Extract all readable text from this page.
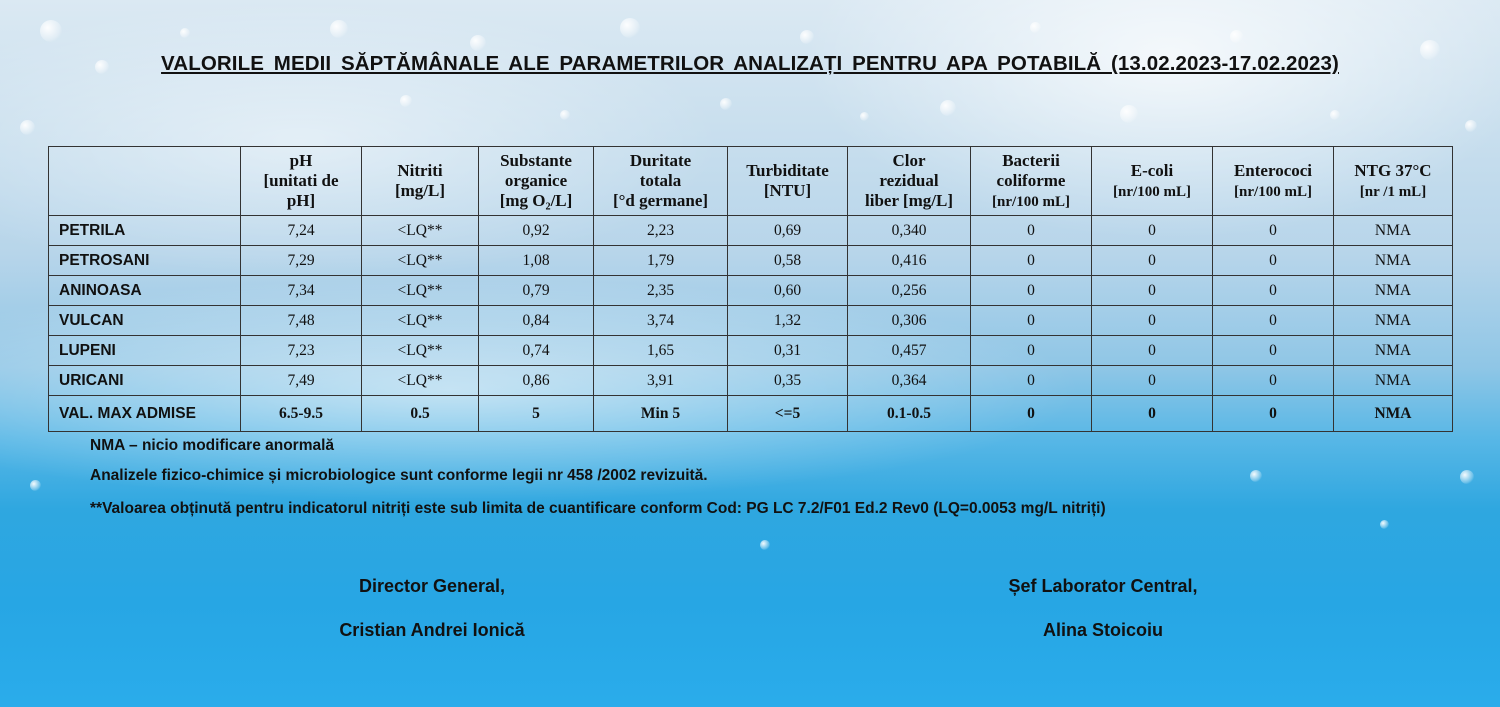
VALORILE MEDII SĂPTĂMÂNALE ALE PARAMETRILOR ANALIZAȚI PENTRU APA POTABILĂ (13.02.2023-17.02.2023)
	pH
[unitati de
pH]	Nitriti
[mg/L]	Substante
organice
[mg O₂/L]	Duritate
totala
[°d germane]	Turbiditate
[NTU]	Clor
rezidual
liber [mg/L]	Bacterii
coliforme
[nr/100 mL]	E-coli
[nr/100 mL]	Enterococi
[nr/100 mL]	NTG 37°C
[nr /1 mL]
PETRILA	7,24	<LQ**	0,92	2,23	0,69	0,340	0	0	0	NMA
PETROSANI	7,29	<LQ**	1,08	1,79	0,58	0,416	0	0	0	NMA
ANINOASA	7,34	<LQ**	0,79	2,35	0,60	0,256	0	0	0	NMA
VULCAN	7,48	<LQ**	0,84	3,74	1,32	0,306	0	0	0	NMA
LUPENI	7,23	<LQ**	0,74	1,65	0,31	0,457	0	0	0	NMA
URICANI	7,49	<LQ**	0,86	3,91	0,35	0,364	0	0	0	NMA
VAL. MAX ADMISE	6.5-9.5	0.5	5	Min 5	<=5	0.1-0.5	0	0	0	NMA
NMA – nicio modificare anormală
Analizele fizico-chimice și microbiologice sunt conforme legii nr 458 /2002 revizuită.
**Valoarea obținută pentru indicatorul nitriți este sub limita de cuantificare conform Cod: PG LC 7.2/F01 Ed.2 Rev0 (LQ=0.0053 mg/L nitriți)
Director General,
Cristian Andrei Ionică
Șef Laborator Central,
Alina Stoicoiu
